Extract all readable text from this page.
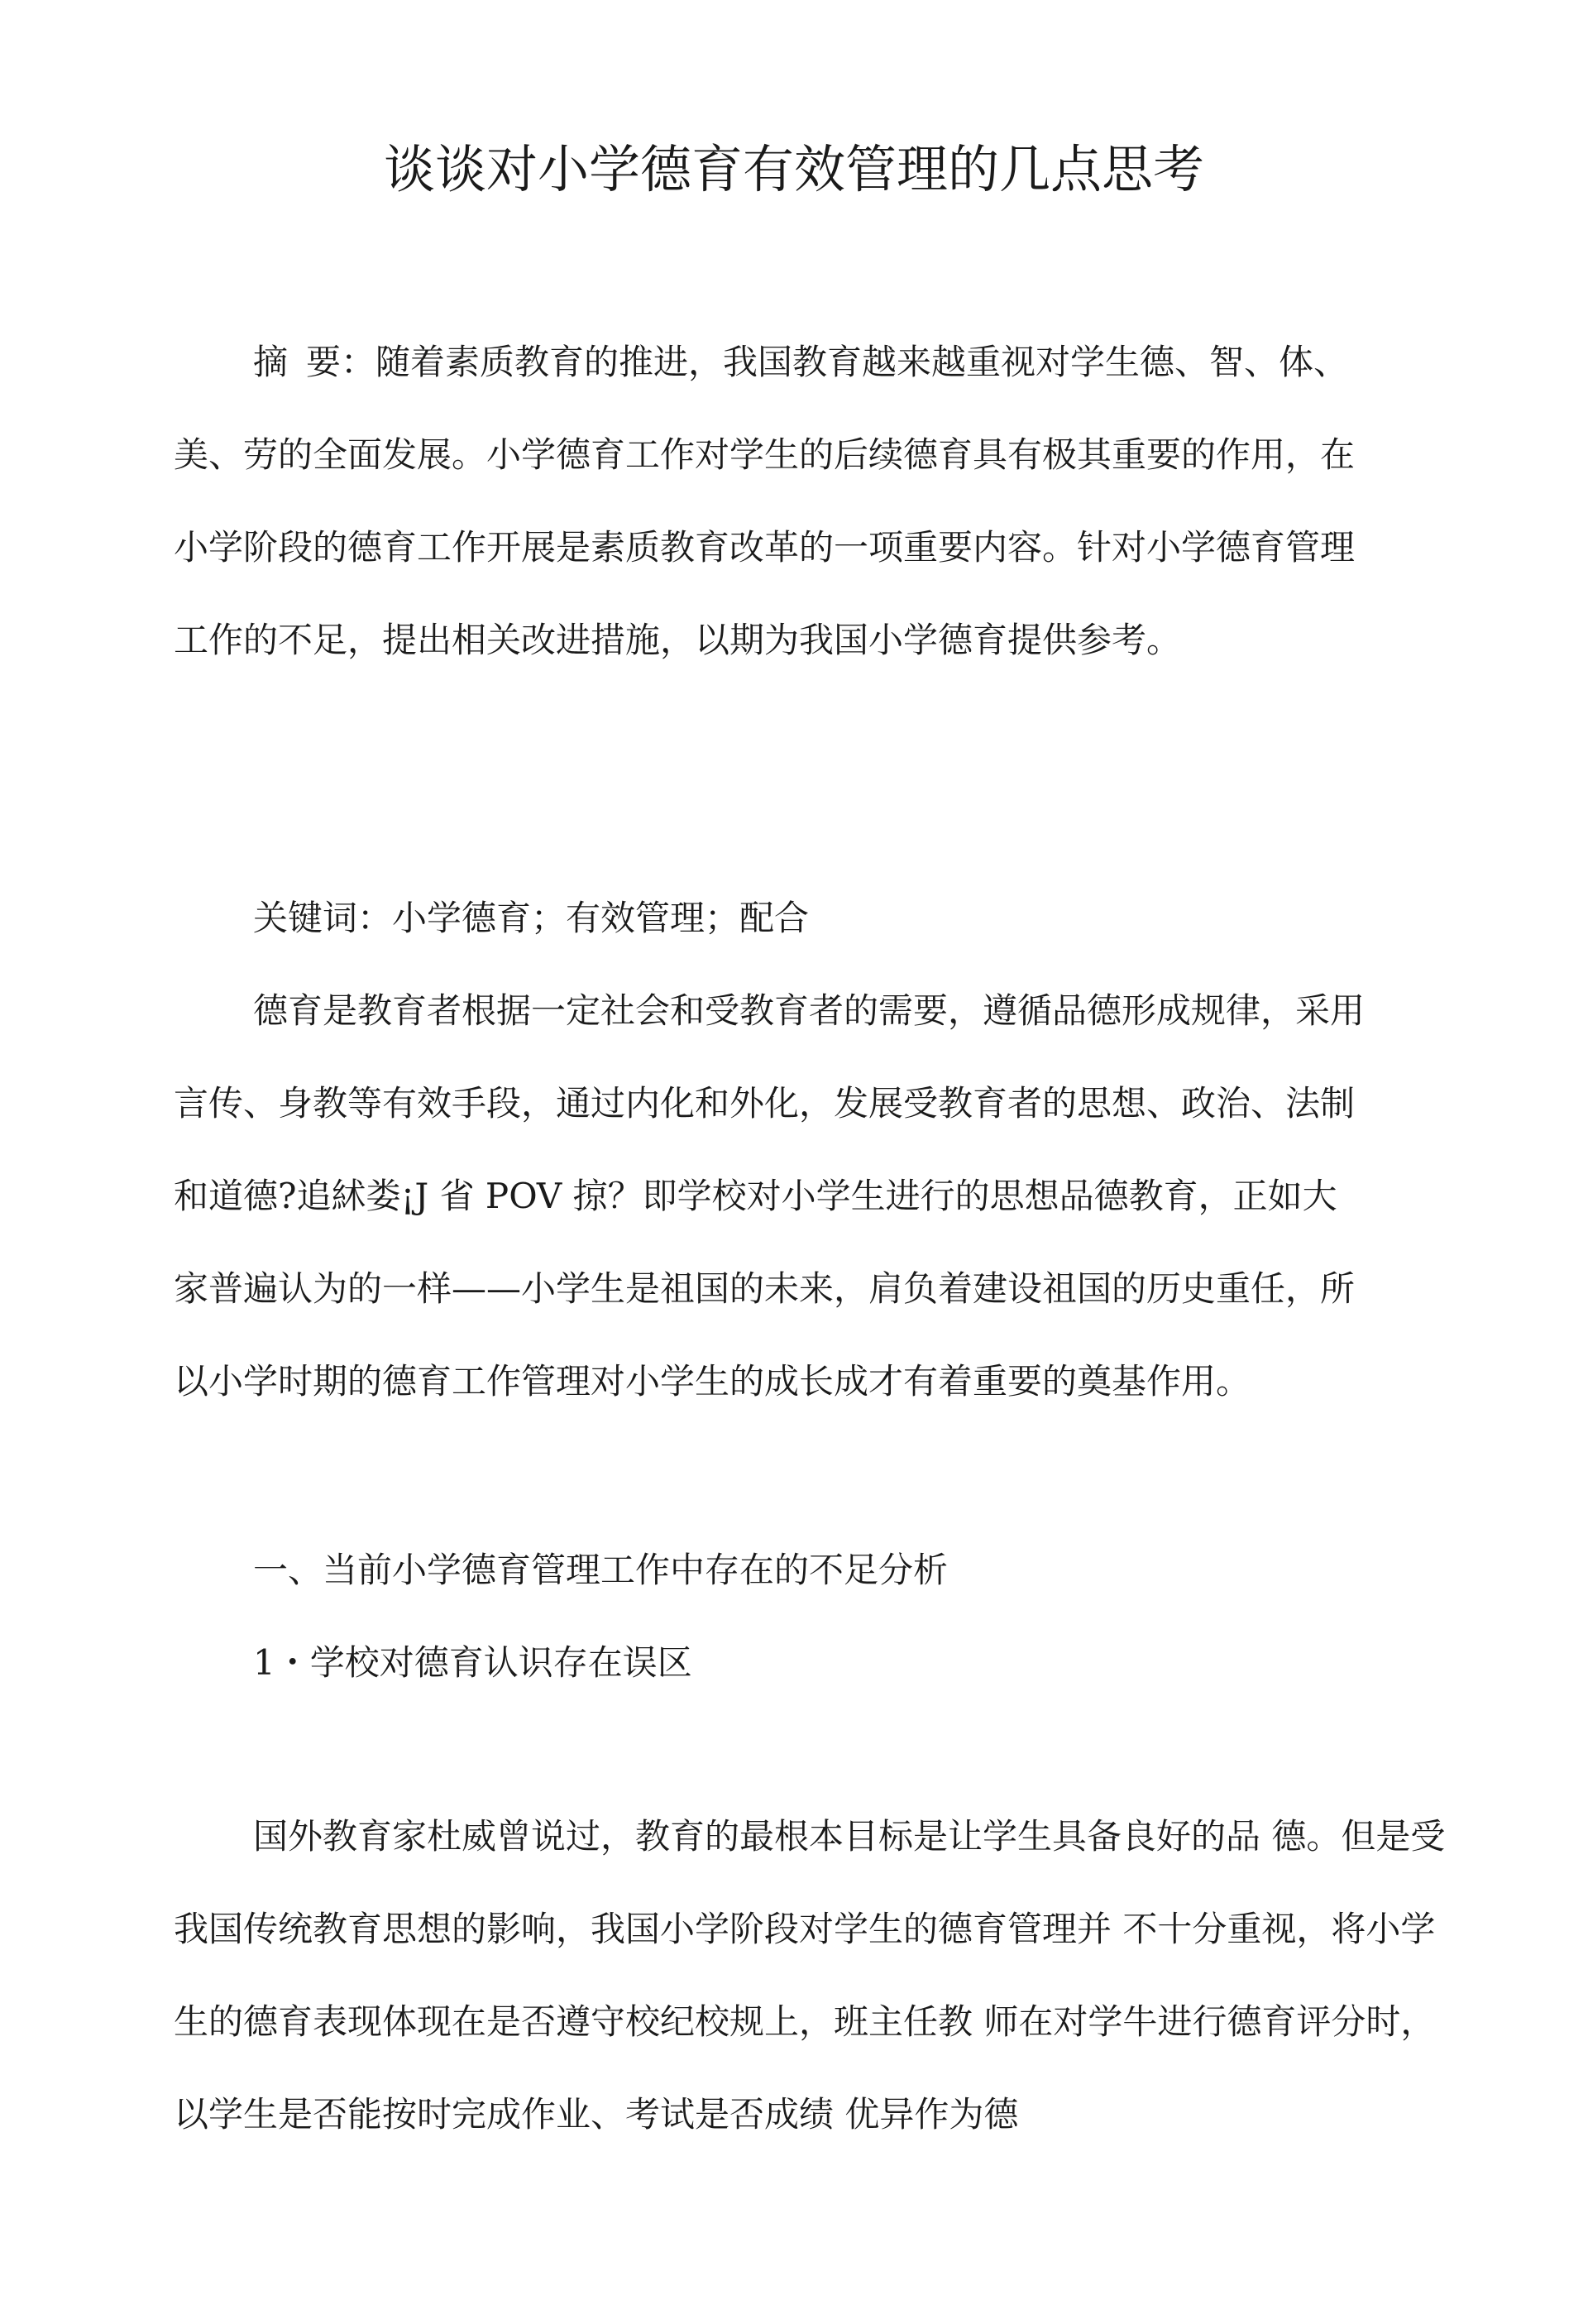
谈谈对小学德育有效管理的几点思考

摘 要：随着素质教育的推进，我国教育越来越重视对学生德、智、体、美、劳的全面发展。小学德育工作对学生的后续德育具有极其重要的作用，在小学阶段的德育工作开展是素质教育改革的一项重要内容。针对小学德育管理工作的不足，提出相关改进措施，以期为我国小学德育提供参考。

关键词：小学德育；有效管理；配合

德育是教育者根据一定社会和受教育者的需要，遵循品德形成规律，采用言传、身教等有效手段，通过内化和外化，发展受教育者的思想、政治、法制和道德?追絉娄¡J 省 POV 掠？即学校对小学生进行的思想品德教育，正如大家普遍认为的一样——小学生是祖国的未来，肩负着建设祖国的历史重任，所以小学时期的德育工作管理对小学生的成长成才有着重要的奠基作用。

一、当前小学德育管理工作中存在的不足分析

1・学校对德育认识存在误区

国外教育家杜威曾说过，教育的最根本目标是让学生具备良好的品 德。但是受我国传统教育思想的影响，我国小学阶段对学生的德育管理并 不十分重视，将小学生的德育表现体现在是否遵守校纪校规上，班主任教 师在对学牛进行德育评分时，以学生是否能按时完成作业、考试是否成绩 优异作为德
